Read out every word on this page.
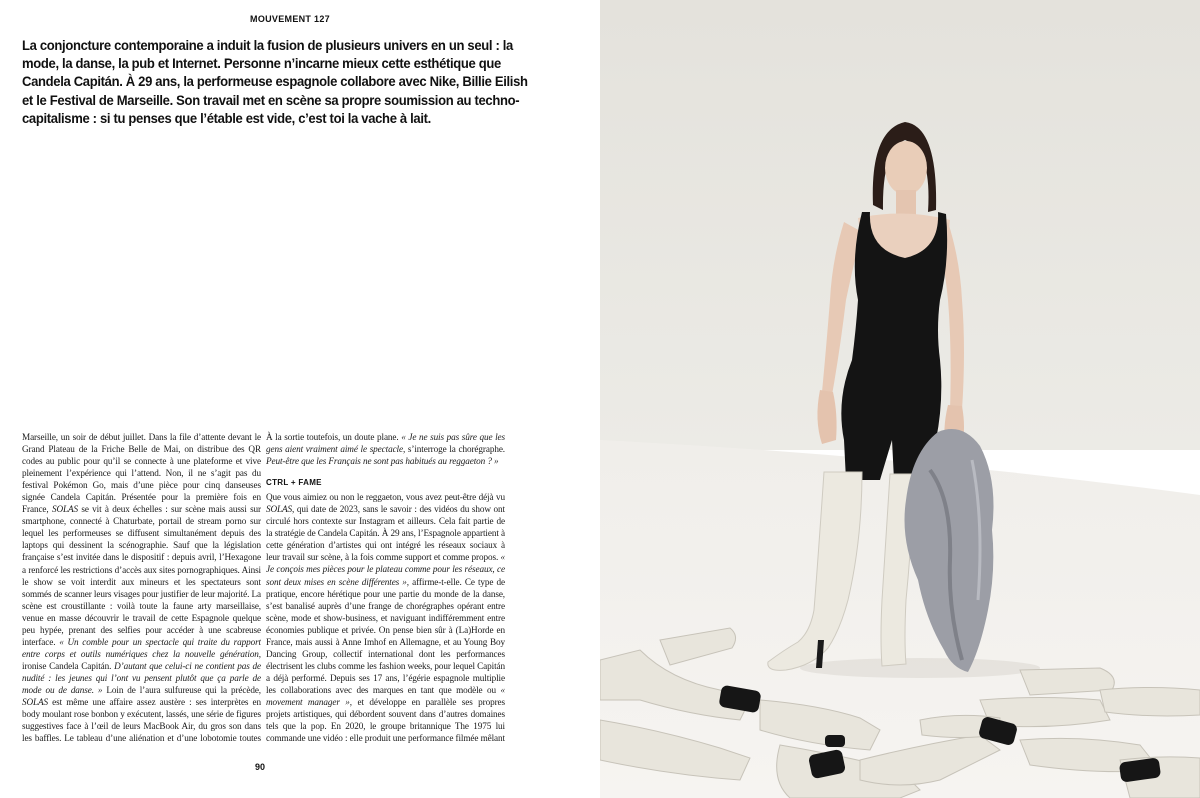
MOUVEMENT 127

La conjoncture contemporaine a induit la fusion de plusieurs univers en un seul : la mode, la danse, la pub et Internet. Personne n’incarne mieux cette esthétique que Candela Capitán. À 29 ans, la performeuse espagnole collabore avec Nike, Billie Eilish et le Festival de Marseille. Son travail met en scène sa propre soumission au techno-capitalisme : si tu penses que l’étable est vide, c’est toi la vache à lait.

Marseille, un soir de début juillet. Dans la file d’attente devant le Grand Plateau de la Friche Belle de Mai, on distribue des QR codes au public pour qu’il se connecte à une plateforme et vive pleinement l’expérience qui l’attend. Non, il ne s’agit pas du festival Pokémon Go, mais d’une pièce pour cinq danseuses signée Candela Capitán. Présentée pour la première fois en France, SOLAS se vit à deux échelles : sur scène mais aussi sur smartphone, connecté à Chaturbate, portail de stream porno sur lequel les performeuses se diffusent simultanément depuis des laptops qui dessinent la scénographie. Sauf que la législation française s’est invitée dans le dispositif : depuis avril, l’Hexagone a renforcé les restrictions d’accès aux sites pornographiques. Ainsi le show se voit interdit aux mineurs et les spectateurs sont sommés de scanner leurs visages pour justifier de leur majorité. La scène est croustillante : voilà toute la faune arty marseillaise, venue en masse découvrir le travail de cette Espagnole quelque peu hypée, prenant des selfies pour accéder à une scabreuse interface. « Un comble pour un spectacle qui traite du rapport entre corps et outils numériques chez la nouvelle génération, ironise Candela Capitán. D’autant que celui-ci ne contient pas de nudité : les jeunes qui l’ont vu pensent plutôt que ça parle de mode ou de danse. » Loin de l’aura sulfureuse qui la précède, SOLAS est même une affaire assez austère : ses interprètes en body moulant rose bonbon y exécutent, lassés, une série de figures suggestives face à l’œil de leurs MacBook Air, du gros son dans les baffles. Le tableau d’une aliénation et d’une lobotomie toutes

À la sortie toutefois, un doute plane. « Je ne suis pas sûre que les gens aient vraiment aimé le spectacle, s’interroge la chorégraphe. Peut-être que les Français ne sont pas habitués au reggaeton ? »

CTRL + FAME

Que vous aimiez ou non le reggaeton, vous avez peut-être déjà vu SOLAS, qui date de 2023, sans le savoir : des vidéos du show ont circulé hors contexte sur Instagram et ailleurs. Cela fait partie de la stratégie de Candela Capitán. À 29 ans, l’Espagnole appartient à cette génération d’artistes qui ont intégré les réseaux sociaux à leur travail sur scène, à la fois comme support et comme propos. « Je conçois mes pièces pour le plateau comme pour les réseaux, ce sont deux mises en scène différentes », affirme-t-elle. Ce type de pratique, encore hérétique pour une partie du monde de la danse, s’est banalisé auprès d’une frange de chorégraphes opérant entre scène, mode et show-business, et naviguant indifféremment entre économies publique et privée. On pense bien sûr à (La)Horde en France, mais aussi à Anne Imhof en Allemagne, et au Young Boy Dancing Group, collectif international dont les performances électrisent les clubs comme les fashion weeks, pour lequel Capitán a déjà performé. Depuis ses 17 ans, l’égérie espagnole multiplie les collaborations avec des marques en tant que modèle ou « movement manager », et développe en parallèle ses propres projets artistiques, qui débordent souvent dans d’autres domaines tels que la pop. En 2020, le groupe britannique The 1975 lui commande une vidéo : elle produit une performance filmée mêlant

90
